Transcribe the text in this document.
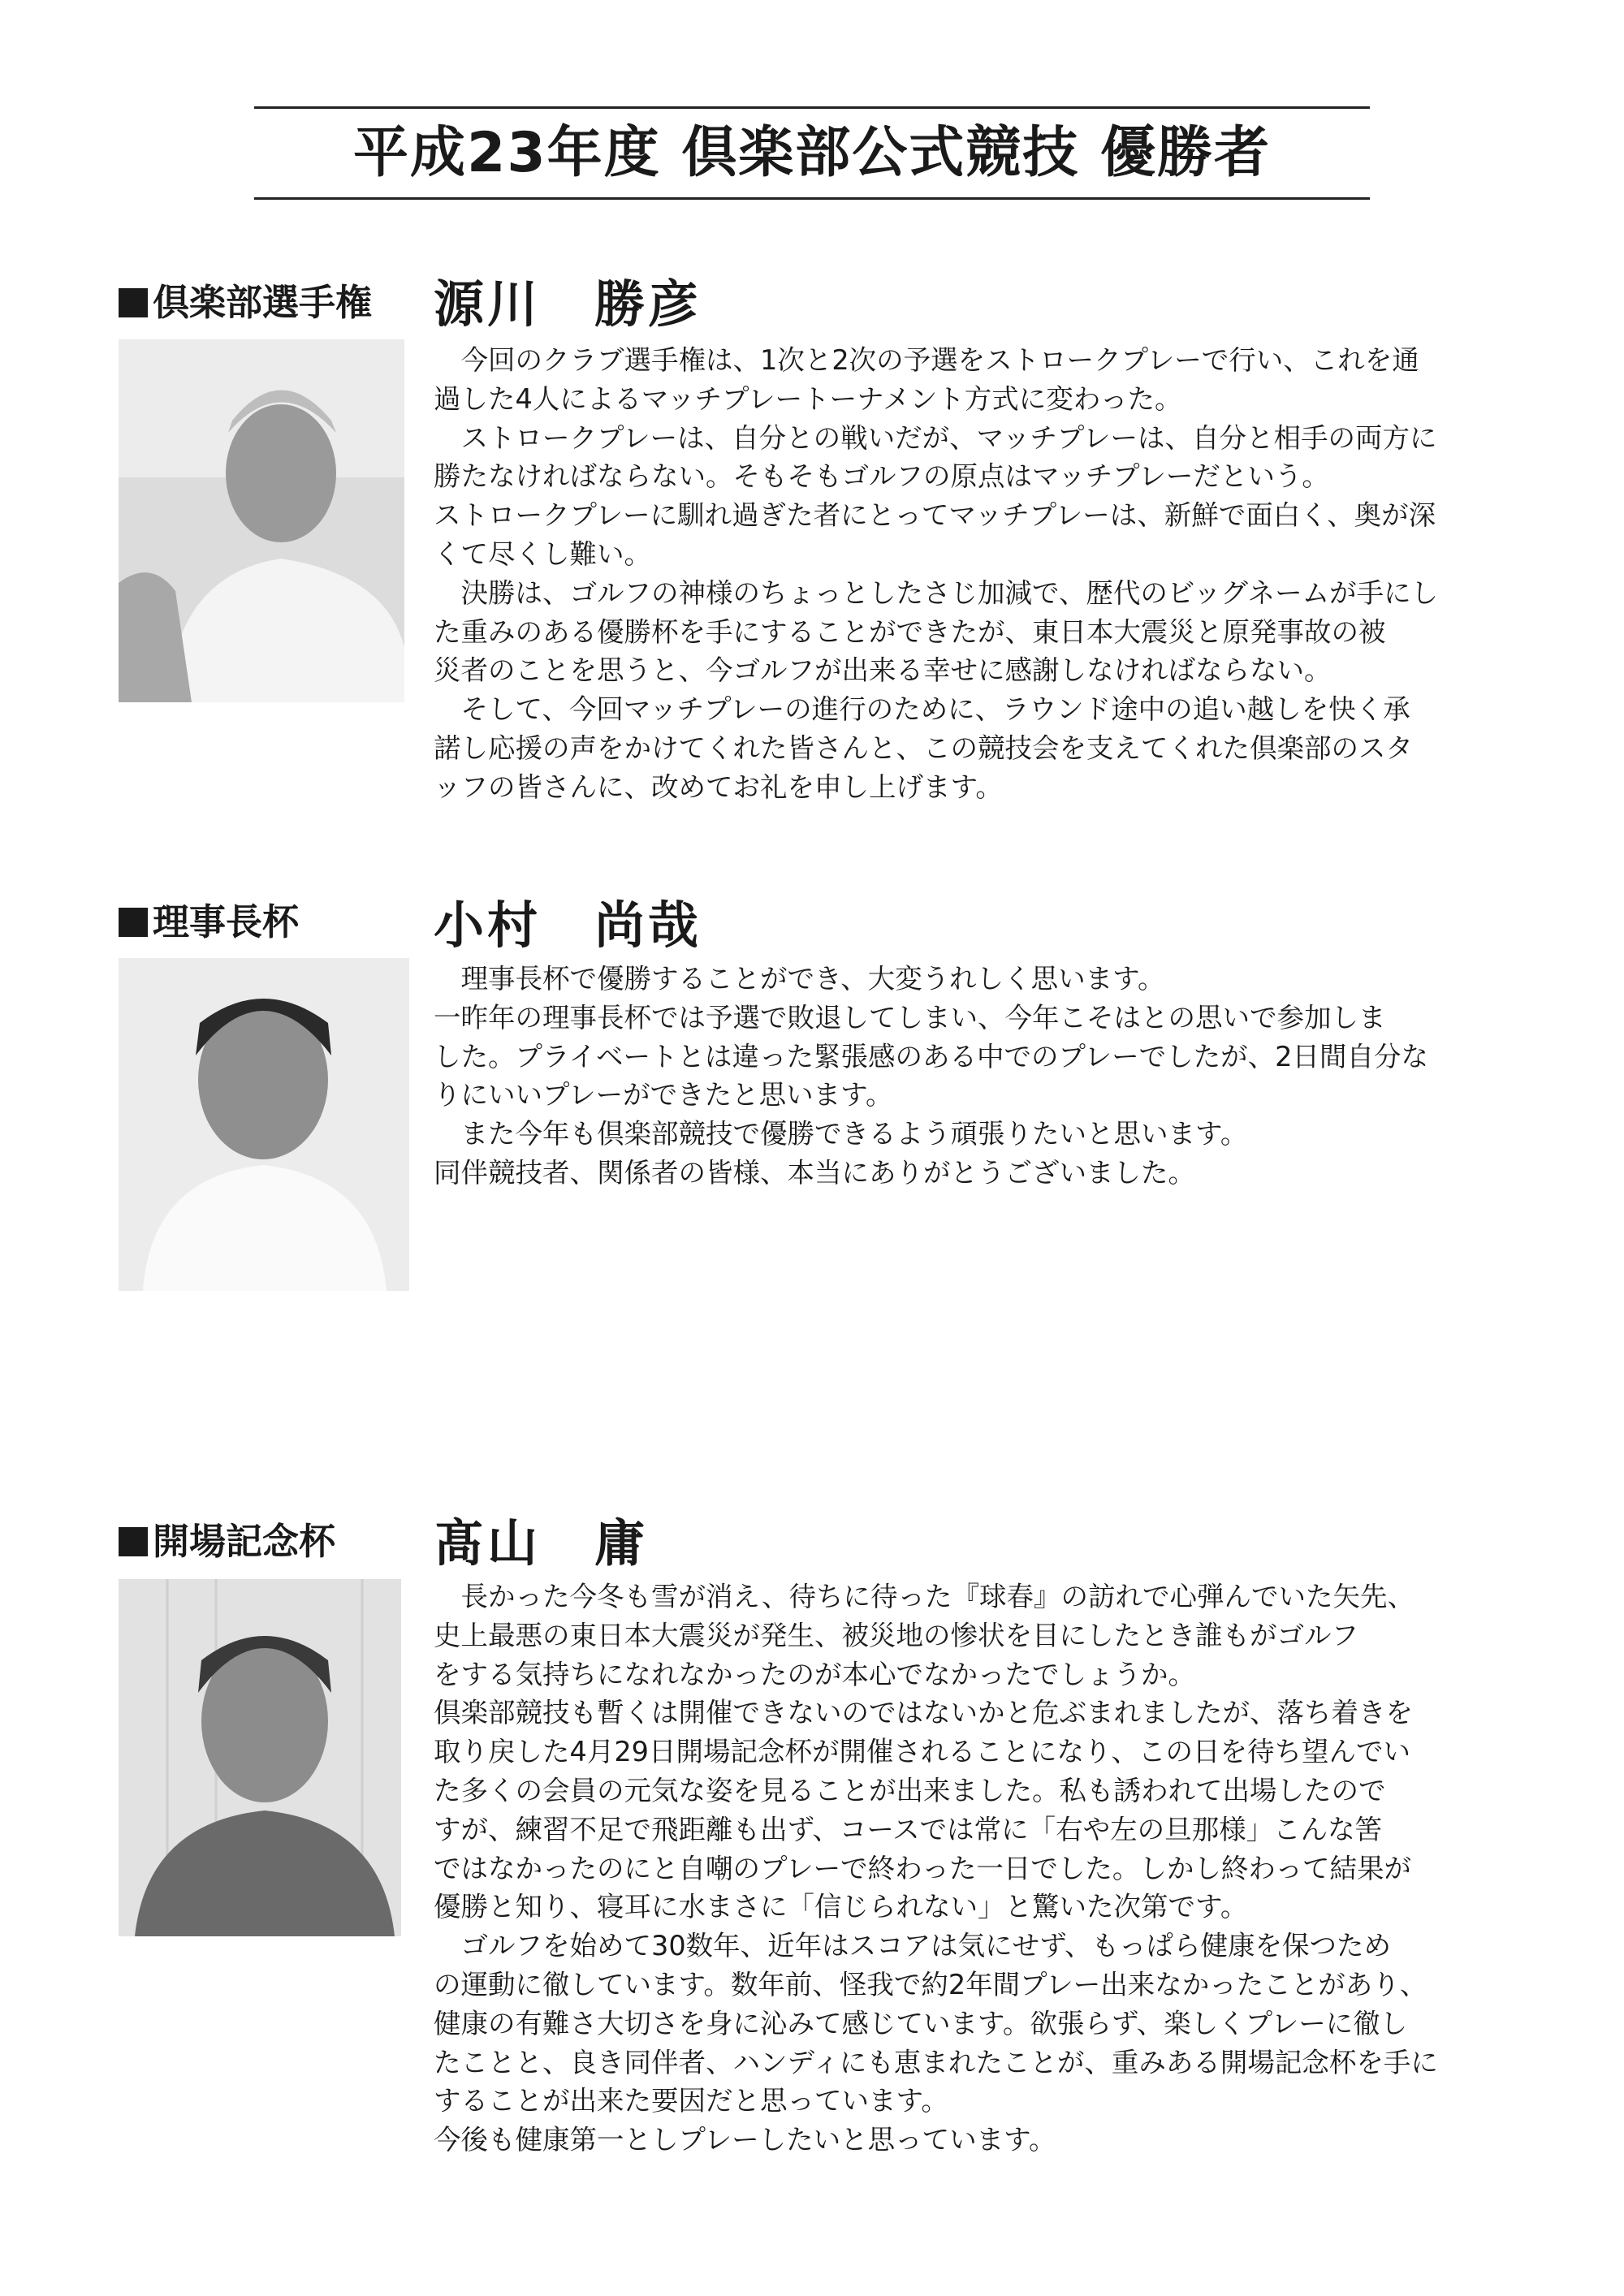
平成23年度 倶楽部公式競技 優勝者
倶楽部選手権 源川　勝彦

　今回のクラブ選手権は、1次と2次の予選をストロークプレーで行い、これを通

過した4人によるマッチプレートーナメント方式に変わった。

　ストロークプレーは、自分との戦いだが、マッチプレーは、自分と相手の両方に

勝たなければならない。そもそもゴルフの原点はマッチプレーだという。

ストロークプレーに馴れ過ぎた者にとってマッチプレーは、新鮮で面白く、奥が深

くて尽くし難い。

　決勝は、ゴルフの神様のちょっとしたさじ加減で、歴代のビッグネームが手にし

た重みのある優勝杯を手にすることができたが、東日本大震災と原発事故の被

災者のことを思うと、今ゴルフが出来る幸せに感謝しなければならない。

　そして、今回マッチプレーの進行のために、ラウンド途中の追い越しを快く承

諾し応援の声をかけてくれた皆さんと、この競技会を支えてくれた倶楽部のスタ

ッフの皆さんに、改めてお礼を申し上げます。

理事長杯	小村　尚哉

　理事長杯で優勝することができ、大変うれしく思います。

一昨年の理事長杯では予選で敗退してしまい、今年こそはとの思いで参加しま

した。プライベートとは違った緊張感のある中でのプレーでしたが、2日間自分な

りにいいプレーができたと思います。

　また今年も倶楽部競技で優勝できるよう頑張りたいと思います。

同伴競技者、関係者の皆様、本当にありがとうございました。

開場記念杯 髙山　庸

　長かった今冬も雪が消え、待ちに待った『球春』の訪れで心弾んでいた矢先、

史上最悪の東日本大震災が発生、被災地の惨状を目にしたとき誰もがゴルフ

をする気持ちになれなかったのが本心でなかったでしょうか。

倶楽部競技も暫くは開催できないのではないかと危ぶまれましたが、落ち着きを

取り戻した4月29日開場記念杯が開催されることになり、この日を待ち望んでい

た多くの会員の元気な姿を見ることが出来ました。私も誘われて出場したので

すが、練習不足で飛距離も出ず、コースでは常に「右や左の旦那様」こんな筈

ではなかったのにと自嘲のプレーで終わった一日でした。しかし終わって結果が

優勝と知り、寝耳に水まさに「信じられない」と驚いた次第です。

　ゴルフを始めて30数年、近年はスコアは気にせず、もっぱら健康を保つため

の運動に徹しています。数年前、怪我で約2年間プレー出来なかったことがあり、

健康の有難さ大切さを身に沁みて感じています。欲張らず、楽しくプレーに徹し

たことと、良き同伴者、ハンディにも恵まれたことが、重みある開場記念杯を手に

することが出来た要因だと思っています。

今後も健康第一としプレーしたいと思っています。
